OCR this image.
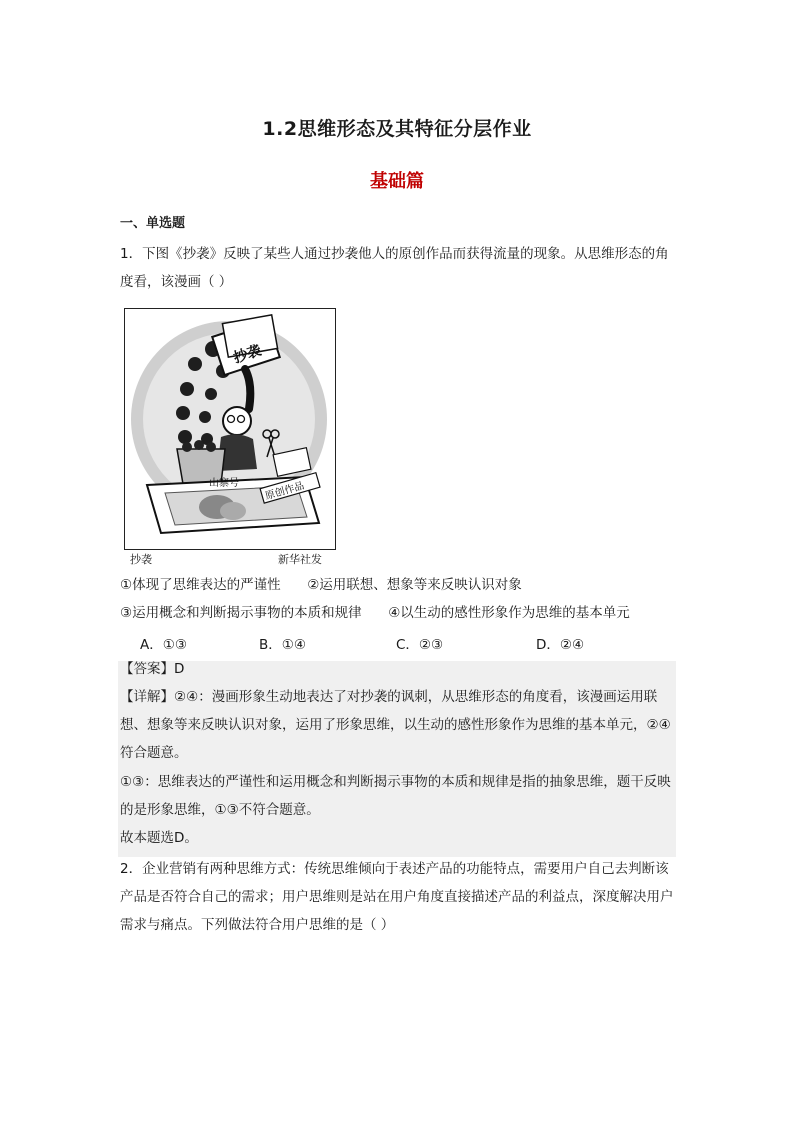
1.2思维形态及其特征分层作业
基础篇
一、单选题

1．下图《抄袭》反映了某些人通过抄袭他人的原创作品而获得流量的现象。从思维形态的角度看，该漫画（ ）

抄袭
山寨号	原创作品
抄袭	新华社发
①体现了思维表达的严谨性 ②运用联想、想象等来反映认识对象
③运用概念和判断揭示事物的本质和规律 ④以生动的感性形象作为思维的基本单元
A．①③	B．①④	C．②③	D．②④

【答案】D

【详解】②④：漫画形象生动地表达了对抄袭的讽刺，从思维形态的角度看，该漫画运用联想、想象等来反映认识对象，运用了形象思维，以生动的感性形象作为思维的基本单元，②④符合题意。

①③：思维表达的严谨性和运用概念和判断揭示事物的本质和规律是指的抽象思维，题干反映的是形象思维，①③不符合题意。

故本题选D。

2．企业营销有两种思维方式：传统思维倾向于表述产品的功能特点，需要用户自己去判断该产品是否符合自己的需求；用户思维则是站在用户角度直接描述产品的利益点，深度解决用户需求与痛点。下列做法符合用户思维的是（ ）
